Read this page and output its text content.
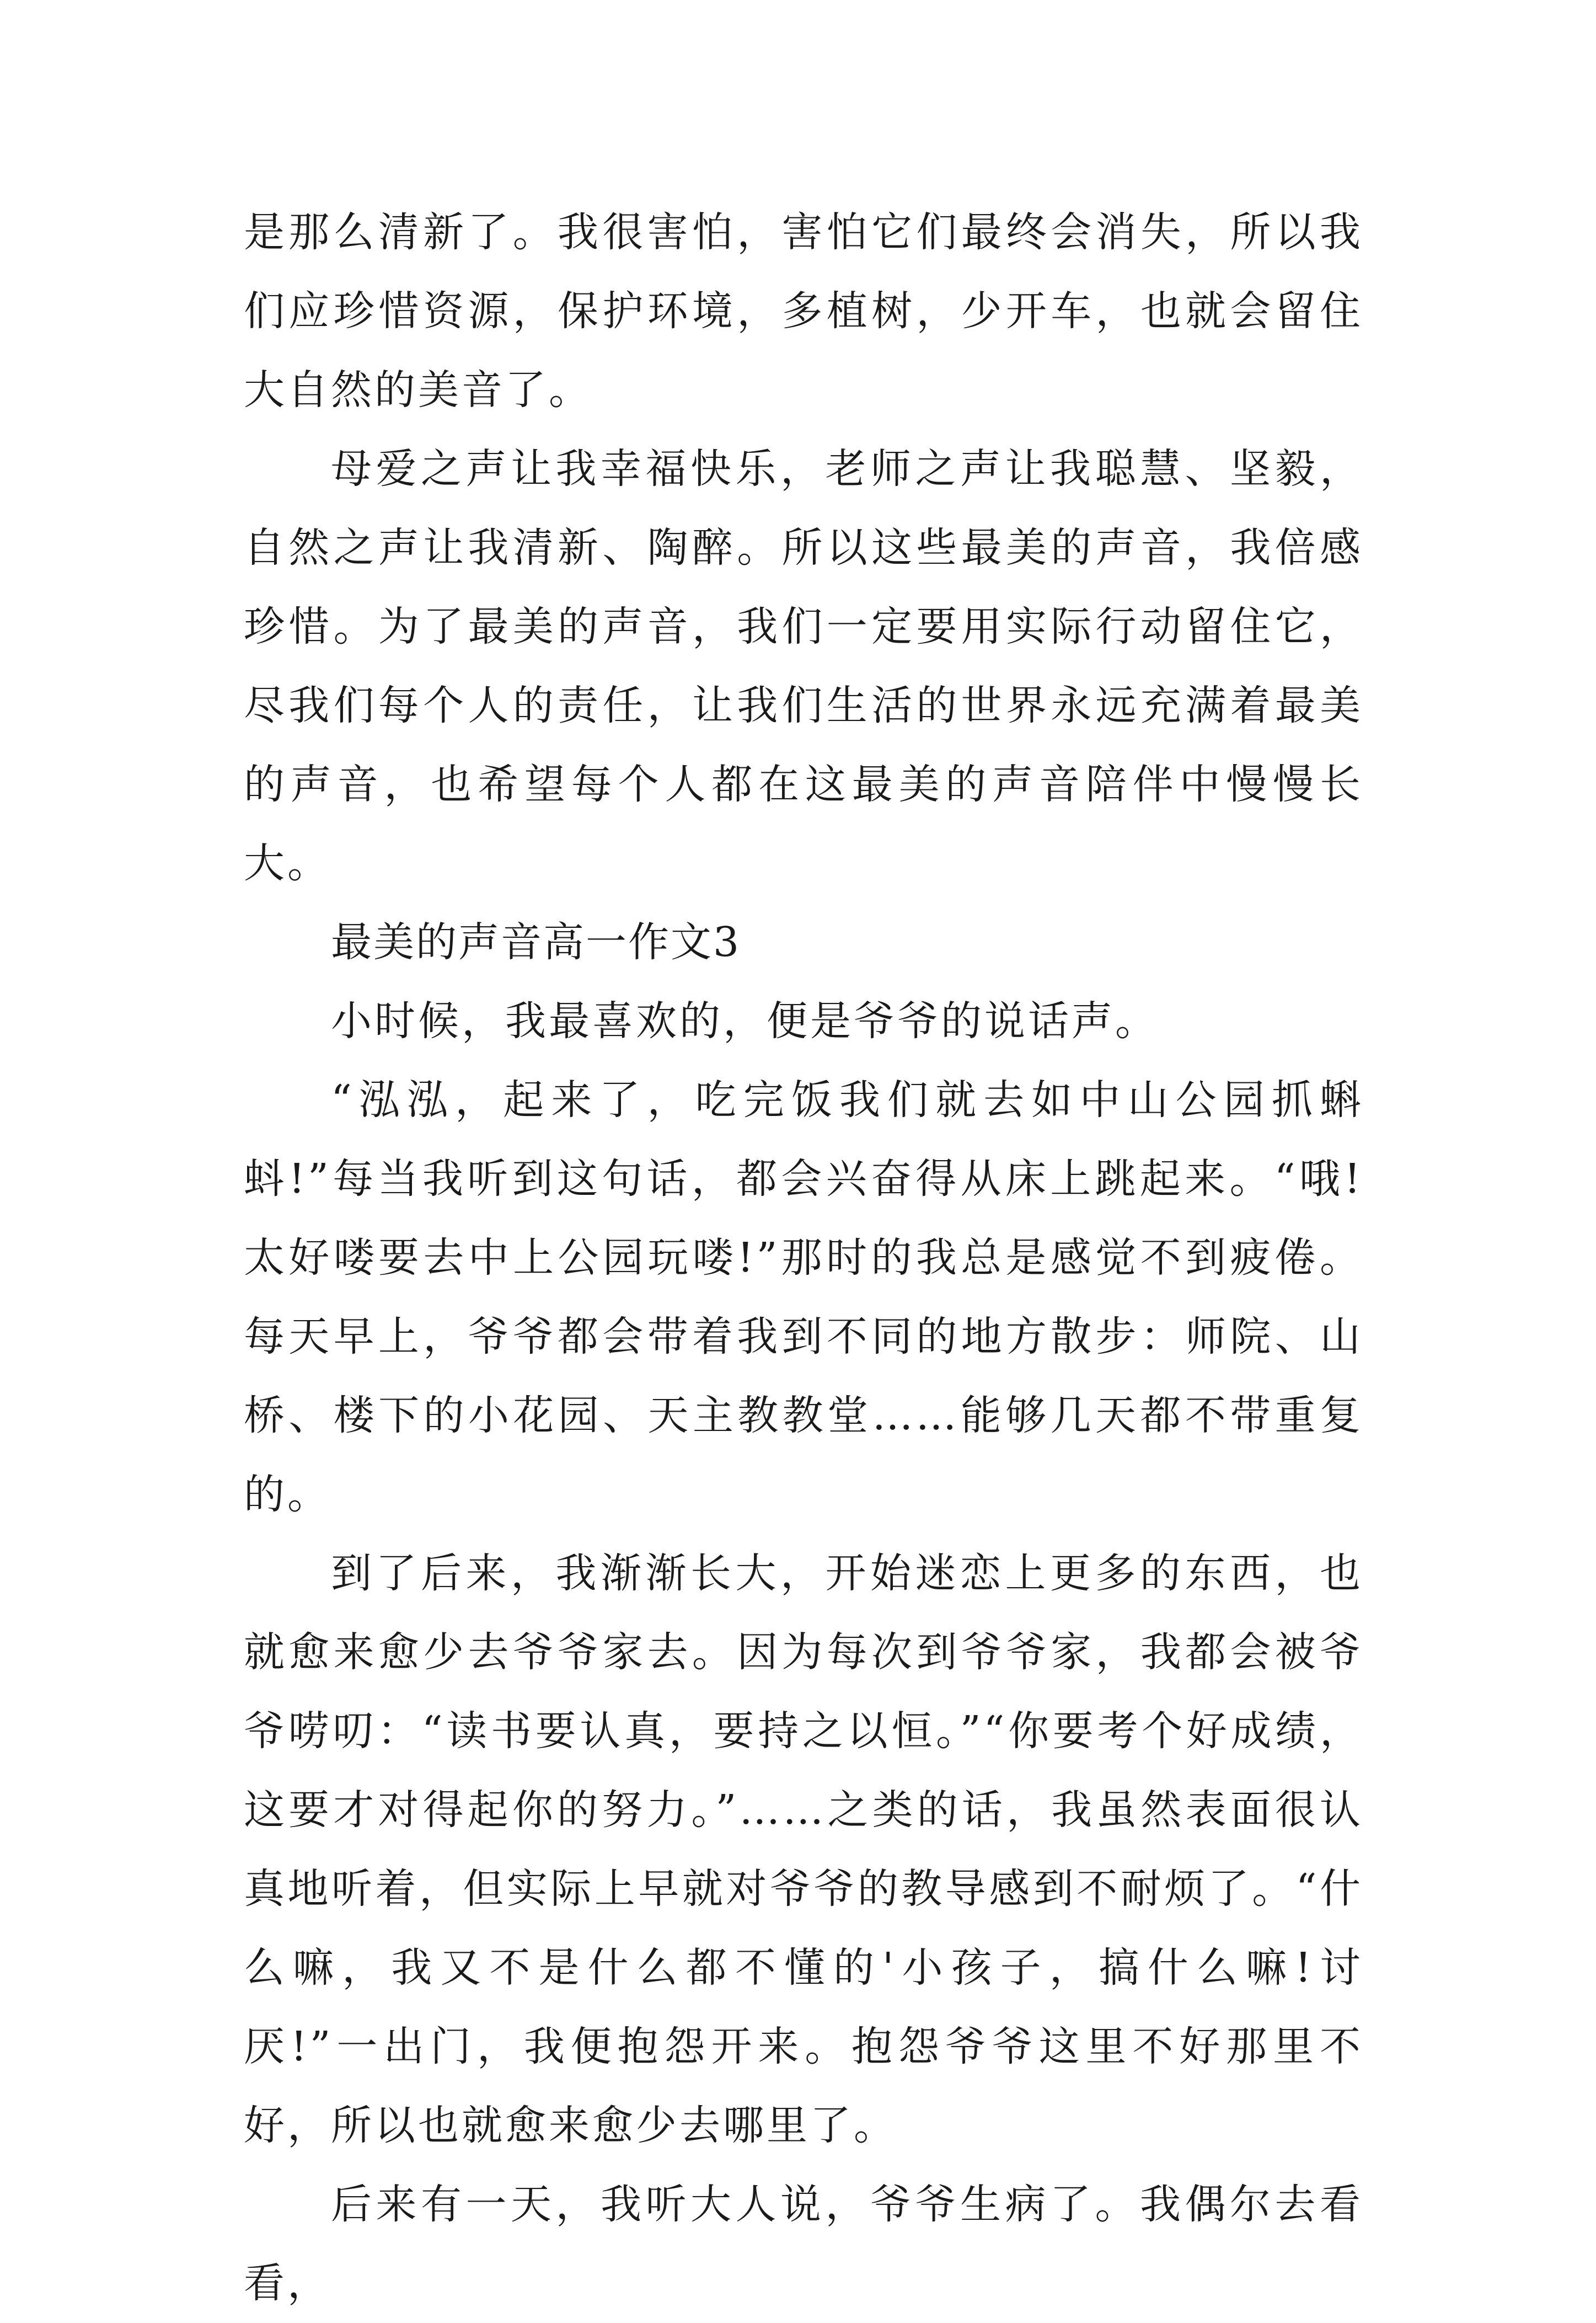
是那么清新了。我很害怕，害怕它们最终会消失，所以我们应珍惜资源，保护环境，多植树，少开车，也就会留住大自然的美音了。

母爱之声让我幸福快乐，老师之声让我聪慧、坚毅，自然之声让我清新、陶醉。所以这些最美的声音，我倍感珍惜。为了最美的声音，我们一定要用实际行动留住它，尽我们每个人的责任，让我们生活的世界永远充满着最美的声音，也希望每个人都在这最美的声音陪伴中慢慢长大。

最美的声音高一作文3

小时候，我最喜欢的，便是爷爷的说话声。

“泓泓，起来了，吃完饭我们就去如中山公园抓蝌蚪!”每当我听到这句话，都会兴奋得从床上跳起来。“哦!太好喽要去中上公园玩喽!”那时的我总是感觉不到疲倦。每天早上，爷爷都会带着我到不同的地方散步：师院、山桥、楼下的小花园、天主教教堂……能够几天都不带重复的。

到了后来，我渐渐长大，开始迷恋上更多的东西，也就愈来愈少去爷爷家去。因为每次到爷爷家，我都会被爷爷唠叨：“读书要认真，要持之以恒。”“你要考个好成绩，这要才对得起你的努力。”……之类的话，我虽然表面很认真地听着，但实际上早就对爷爷的教导感到不耐烦了。“什么嘛，我又不是什么都不懂的'小孩子，搞什么嘛!讨厌!”一出门，我便抱怨开来。抱怨爷爷这里不好那里不好，所以也就愈来愈少去哪里了。

后来有一天，我听大人说，爷爷生病了。我偶尔去看看，
